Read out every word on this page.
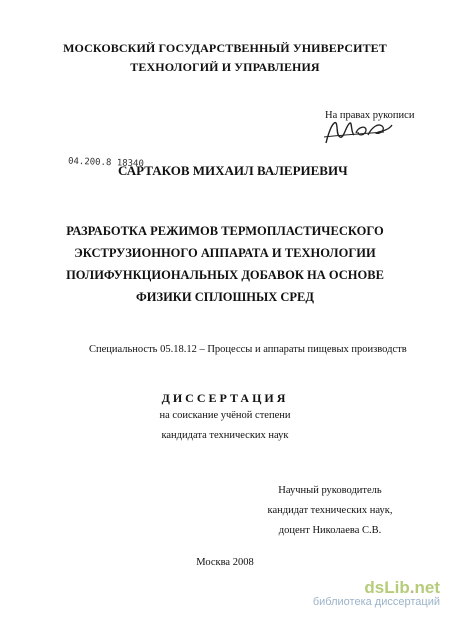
МОСКОВСКИЙ ГОСУДАРСТВЕННЫЙ УНИВЕРСИТЕТ
ТЕХНОЛОГИЙ И УПРАВЛЕНИЯ
На правах рукописи
04.200.8 18340
САРТАКОВ МИХАИЛ ВАЛЕРИЕВИЧ
РАЗРАБОТКА РЕЖИМОВ ТЕРМОПЛАСТИЧЕСКОГО
ЭКСТРУЗИОННОГО АППАРАТА И ТЕХНОЛОГИИ
ПОЛИФУНКЦИОНАЛЬНЫХ ДОБАВОК НА ОСНОВЕ
ФИЗИКИ СПЛОШНЫХ СРЕД
Специальность 05.18.12 – Процессы и аппараты пищевых производств
ДИССЕРТАЦИЯ
на соискание учёной степени
кандидата технических наук
Научный руководитель
кандидат технических наук,
доцент Николаева С.В.
Москва 2008
dsLib.net
библиотека диссертаций
